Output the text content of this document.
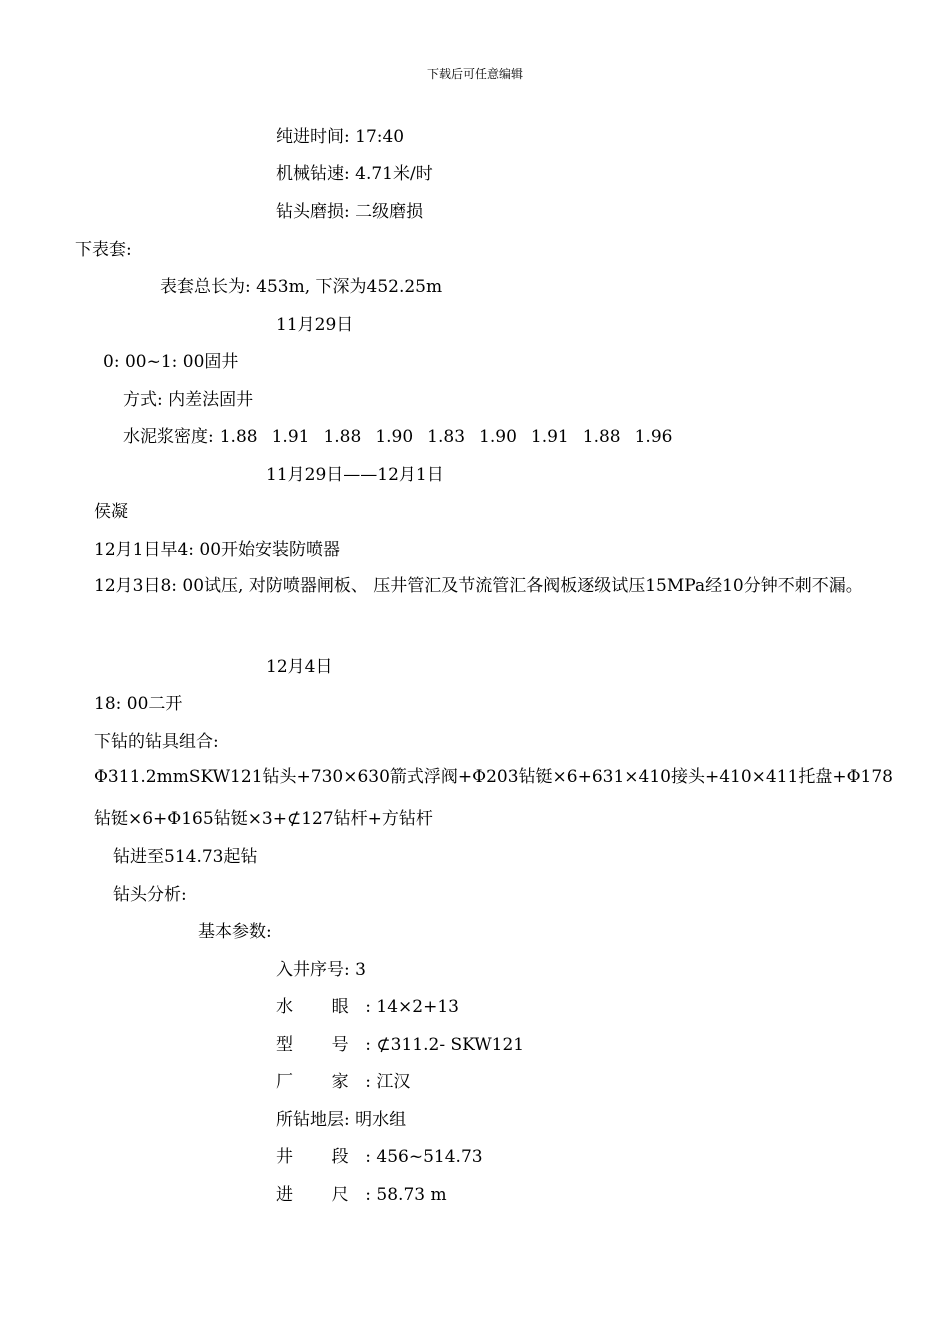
下载后可任意编辑
纯进时间: 17:40
机械钻速: 4.71米/时
钻头磨损: 二级磨损
下表套:
表套总长为: 453m, 下深为452.25m
11月29日
0: 00~1: 00固井
方式: 内差法固井
水泥浆密度: 1.88 1.91 1.88 1.90 1.83 1.90 1.91 1.88 1.96
11月29日——12月1日
侯凝
12月1日早4: 00开始安装防喷器
12月3日8: 00试压, 对防喷器闸板、 压井管汇及节流管汇各阀板逐级试压15MPa经10分钟不刺不漏。
12月4日
18: 00二开
下钻的钻具组合:
Φ311.2mmSKW121钻头+730×630箭式浮阀+Φ203钻铤×6+631×410接头+410×411托盘+Φ178钻铤×6+Φ165钻铤×3+⊄127钻杆+方钻杆
钻进至514.73起钻
钻头分析:
基本参数:
入井序号: 3
水 眼: 14×2+13
型 号: ⊄311.2- SKW121
厂 家: 江汉
所钻地层: 明水组
井 段: 456~514.73
进 尺: 58.73 m
